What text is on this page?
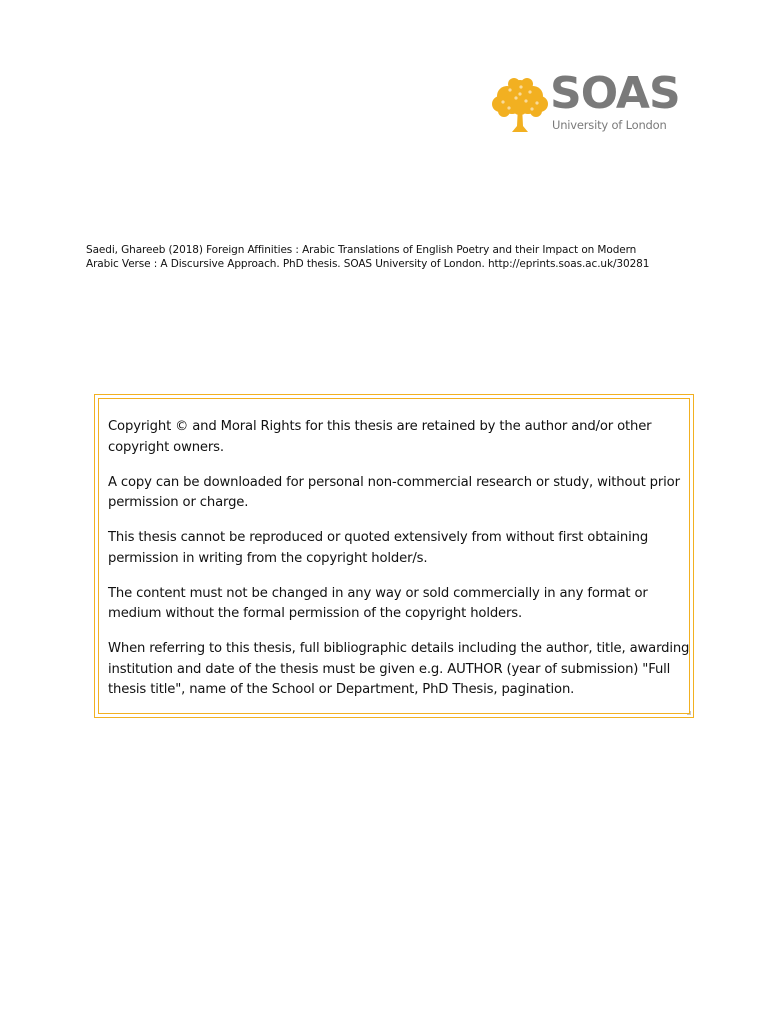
SOAS
University of London

Saedi, Ghareeb (2018) Foreign Affinities : Arabic Translations of English Poetry and their Impact on Modern

Arabic Verse : A Discursive Approach. PhD thesis. SOAS University of London. http://eprints.soas.ac.uk/30281

Copyright © and Moral Rights for this thesis are retained by the author and/or other
copyright owners.
A copy can be downloaded for personal non-commercial research or study, without prior
permission or charge.
This thesis cannot be reproduced or quoted extensively from without first obtaining
permission in writing from the copyright holder/s.
The content must not be changed in any way or sold commercially in any format or
medium without the formal permission of the copyright holders.
When referring to this thesis, full bibliographic details including the author, title, awarding
institution and date of the thesis must be given e.g. AUTHOR (year of submission) "Full
thesis title", name of the School or Department, PhD Thesis, pagination.
